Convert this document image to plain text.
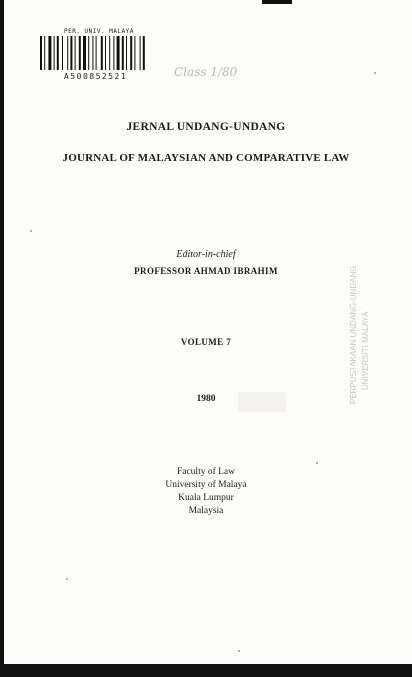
PER. UNIV. MALAYA
A500852521	Class 1/80
JERNAL UNDANG-UNDANG
JOURNAL OF MALAYSIAN AND COMPARATIVE LAW
Editor-in-chief
PROFESSOR AHMAD IBRAHIM
VOLUME 7
1980
Faculty of Law
University of Malaya
Kuala Lumpur
Malaysia
PERPUSTAKAAN UNDANG-UNDANG UNIVERSITI MALAYA
